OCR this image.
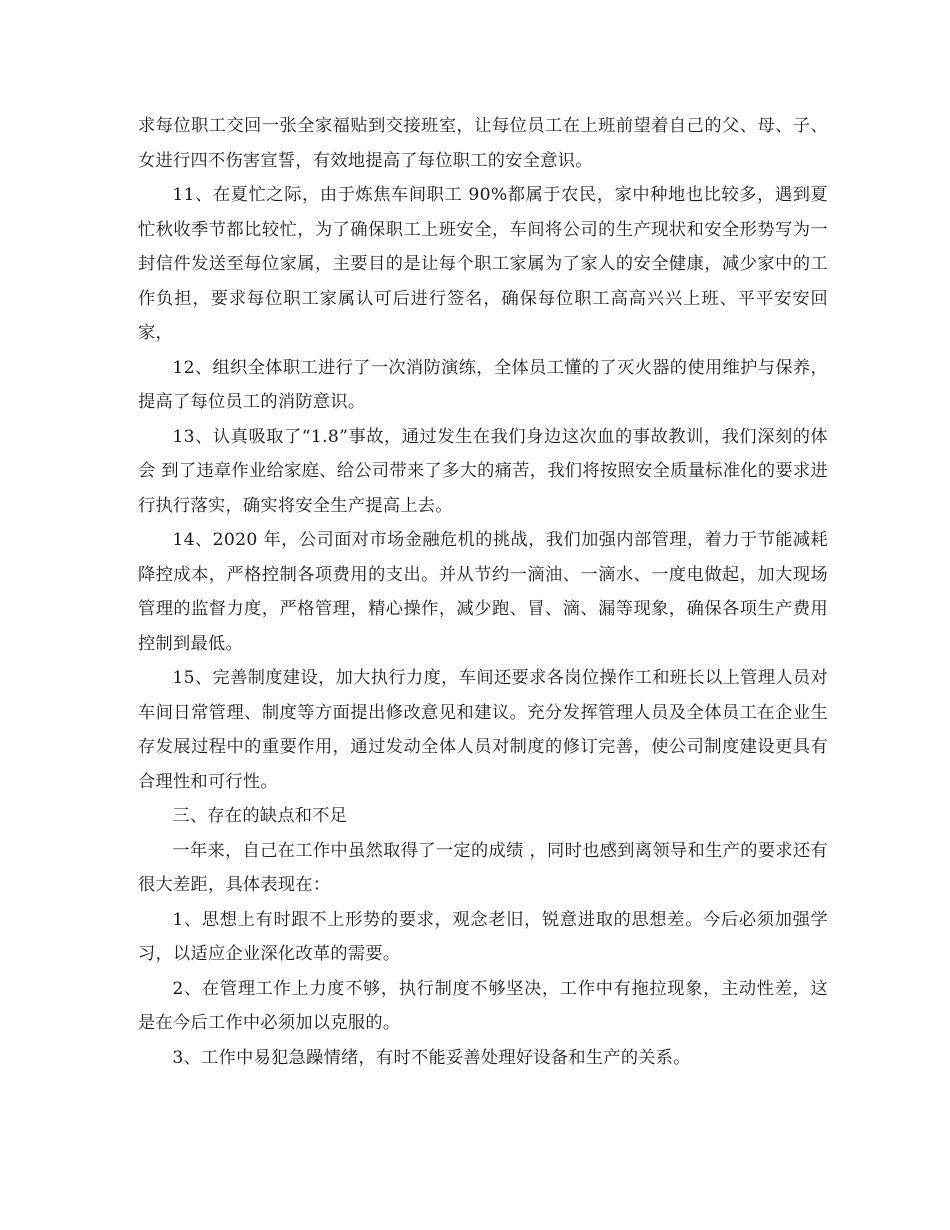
求每位职工交回一张全家福贴到交接班室，让每位员工在上班前望着自己的父、母、子、女进行四不伤害宣誓，有效地提高了每位职工的安全意识。

11、在夏忙之际，由于炼焦车间职工 90%都属于农民，家中种地也比较多，遇到夏忙秋收季节都比较忙，为了确保职工上班安全，车间将公司的生产现状和安全形势写为一封信件发送至每位家属，主要目的是让每个职工家属为了家人的安全健康，减少家中的工作负担，要求每位职工家属认可后进行签名，确保每位职工高高兴兴上班、平平安安回家，

12、组织全体职工进行了一次消防演练，全体员工懂的了灭火器的使用维护与保养，提高了每位员工的消防意识。

13、认真吸取了“1.8”事故，通过发生在我们身边这次血的事故教训，我们深刻的体会 到了违章作业给家庭、给公司带来了多大的痛苦，我们将按照安全质量标准化的要求进行执行落实，确实将安全生产提高上去。

14、2020 年，公司面对市场金融危机的挑战，我们加强内部管理，着力于节能减耗降控成本，严格控制各项费用的支出。并从节约一滴油、一滴水、一度电做起，加大现场管理的监督力度，严格管理，精心操作，减少跑、冒、滴、漏等现象，确保各项生产费用控制到最低。

15、完善制度建设，加大执行力度，车间还要求各岗位操作工和班长以上管理人员对车间日常管理、制度等方面提出修改意见和建议。充分发挥管理人员及全体员工在企业生存发展过程中的重要作用，通过发动全体人员对制度的修订完善，使公司制度建设更具有合理性和可行性。

三、存在的缺点和不足

一年来，自己在工作中虽然取得了一定的成绩 ，同时也感到离领导和生产的要求还有很大差距，具体表现在：

1、思想上有时跟不上形势的要求，观念老旧，锐意进取的思想差。今后必须加强学习，以适应企业深化改革的需要。

2、在管理工作上力度不够，执行制度不够坚决，工作中有拖拉现象，主动性差，这是在今后工作中必须加以克服的。

3、工作中易犯急躁情绪，有时不能妥善处理好设备和生产的关系。
